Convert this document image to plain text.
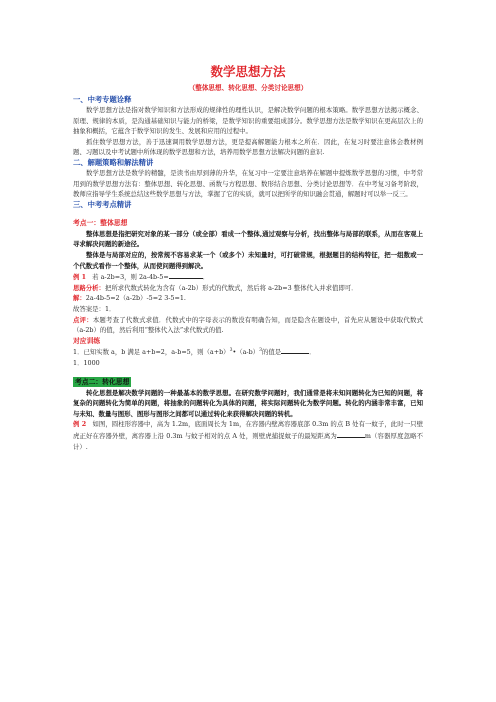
数学思想方法
（整体思想、转化思想、分类讨论思想）
一、中考专题诠释

数学思想方法是指对数学知识和方法形成的规律性的理性认识，是解决数学问题的根本策略。数学思想方法揭示概念、原理、规律的本质，是沟通基础知识与能力的桥梁，是数学知识的重要组成部分。数学思想方法是数学知识在更高层次上的抽象和概括，它蕴含于数学知识的发生、发展和应用的过程中。

抓住数学思想方法，善于迅速调用数学思想方法，更是提高解题能力根本之所在．因此，在复习时要注意体会教材例题、习题以及中考试题中所体现的数学思想和方法，培养用数学思想方法解决问题的意识.

二、解题策略和解法精讲

数学思想方法是数学的精髓，是读书由厚到薄的升华，在复习中一定要注意培养在解题中提炼数学思想的习惯，中考常用到的数学思想方法有：整体思想、转化思想、函数与方程思想、数形结合思想、分类讨论思想等．在中考复习备考阶段，教师应指导学生系统总结这些数学思想与方法，掌握了它的实质，就可以把所学的知识融会贯通，解题时可以举一反三。

三、中考考点精讲
考点一：整体思想

整体思想是指把研究对象的某一部分（或全部）看成一个整体,通过观察与分析，找出整体与局部的联系，从而在客观上寻求解决问题的新途径。

整体是与局部对应的，按常规不容易求某一个（或多个）未知量时，可打破常规，根据题目的结构特征，把一组数或一个代数式看作一个整体，从而使问题得到解决。

例 1 若 a-2b=3，则 2a-4b-5=	．

思路分析：把所求代数式转化为含有（a-2b）形式的代数式，然后将 a-2b=3 整体代入并求值即可．

解：2a-4b-5=2（a-2b）-5=2 3-5=1.

故答案是：1．

点评：本题考查了代数式求值．代数式中的字母表示的数没有明确告知，而是隐含在题设中，首先应从题设中获取代数式（a-2b）的值，然后利用“整体代入法”求代数式的值.

对应训练

1．已知实数 a，b 满足 a+b=2，a-b=5，则$(a+b)^3•(a-b)^3$的值是	．

1．1000

考点二：转化思想

转化思想是解决数学问题的一种最基本的数学思想。在研究数学问题时，我们通常是将未知问题转化为已知的问题，将复杂的问题转化为简单的问题，将抽象的问题转化为具体的问题，将实际问题转化为数学问题。转化的内涵非常丰富，已知与未知、数量与图形、图形与图形之间都可以通过转化来获得解决问题的转机。

例 2 如图，圆柱形容器中，高为 1.2m，底面周长为 1m，在容器内壁离容器底部 0.3m 的点 B 处有一蚊子，此时一只壁虎正好在容器外壁，离容器上沿 0.3m 与蚊子相对的点 A 处，则壁虎捕捉蚊子的最短距离为	m（容器厚度忽略不计）.
